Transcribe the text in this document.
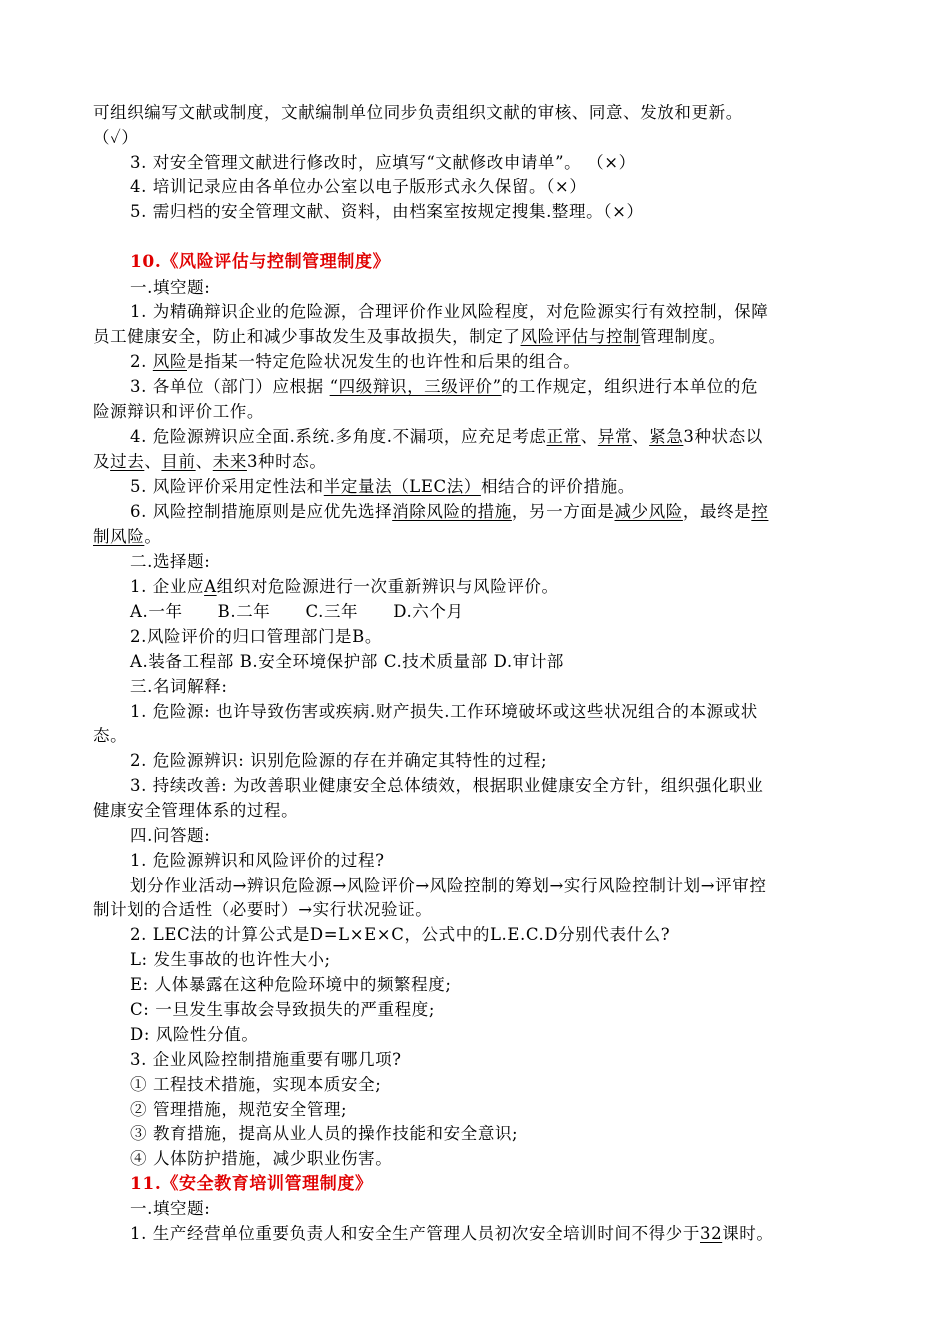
可组织编写文献或制度，文献编制单位同步负责组织文献的审核、同意、发放和更新。
（✓）
3. 对安全管理文献进行修改时，应填写“文献修改申请单”。 （×）
4. 培训记录应由各单位办公室以电子版形式永久保留。（×）
5. 需归档的安全管理文献、资料，由档案室按规定搜集.整理。（×）
10.《风险评估与控制管理制度》
一.填空题:
1. 为精确辩识企业的危险源，合理评价作业风险程度，对危险源实行有效控制，保障
员工健康安全，防止和减少事故发生及事故损失，制定了风险评估与控制管理制度。
2. 风险是指某一特定危险状况发生的也许性和后果的组合。
3. 各单位（部门）应根据 “四级辩识，三级评价”的工作规定，组织进行本单位的危
险源辩识和评价工作。
4. 危险源辨识应全面.系统.多角度.不漏项，应充足考虑正常、异常、紧急3种状态以
及过去、目前、未来3种时态。
5. 风险评价采用定性法和半定量法（LEC法）相结合的评价措施。
6. 风险控制措施原则是应优先选择消除风险的措施，另一方面是减少风险，最终是控
制风险。
二.选择题:
1. 企业应A组织对危险源进行一次重新辨识与风险评价。
A.一年      B.二年      C.三年      D.六个月
2.风险评价的归口管理部门是B。
A.装备工程部 B.安全环境保护部 C.技术质量部 D.审计部
三.名词解释:
1. 危险源: 也许导致伤害或疾病.财产损失.工作环境破坏或这些状况组合的本源或状
态。
2. 危险源辨识: 识别危险源的存在并确定其特性的过程;
3. 持续改善: 为改善职业健康安全总体绩效，根据职业健康安全方针，组织强化职业
健康安全管理体系的过程。
四.问答题:
1. 危险源辨识和风险评价的过程?
划分作业活动→辨识危险源→风险评价→风险控制的筹划→实行风险控制计划→评审控
制计划的合适性（必要时）→实行状况验证。
2. LEC法的计算公式是D=L×E×C，公式中的L.E.C.D分别代表什么?
L: 发生事故的也许性大小;
E: 人体暴露在这种危险环境中的频繁程度;
C: 一旦发生事故会导致损失的严重程度;
D: 风险性分值。
3. 企业风险控制措施重要有哪几项?
① 工程技术措施，实现本质安全;
② 管理措施，规范安全管理;
③ 教育措施，提高从业人员的操作技能和安全意识;
④ 人体防护措施，减少职业伤害。
11.《安全教育培训管理制度》
一.填空题:
1. 生产经营单位重要负责人和安全生产管理人员初次安全培训时间不得少于32课时。
